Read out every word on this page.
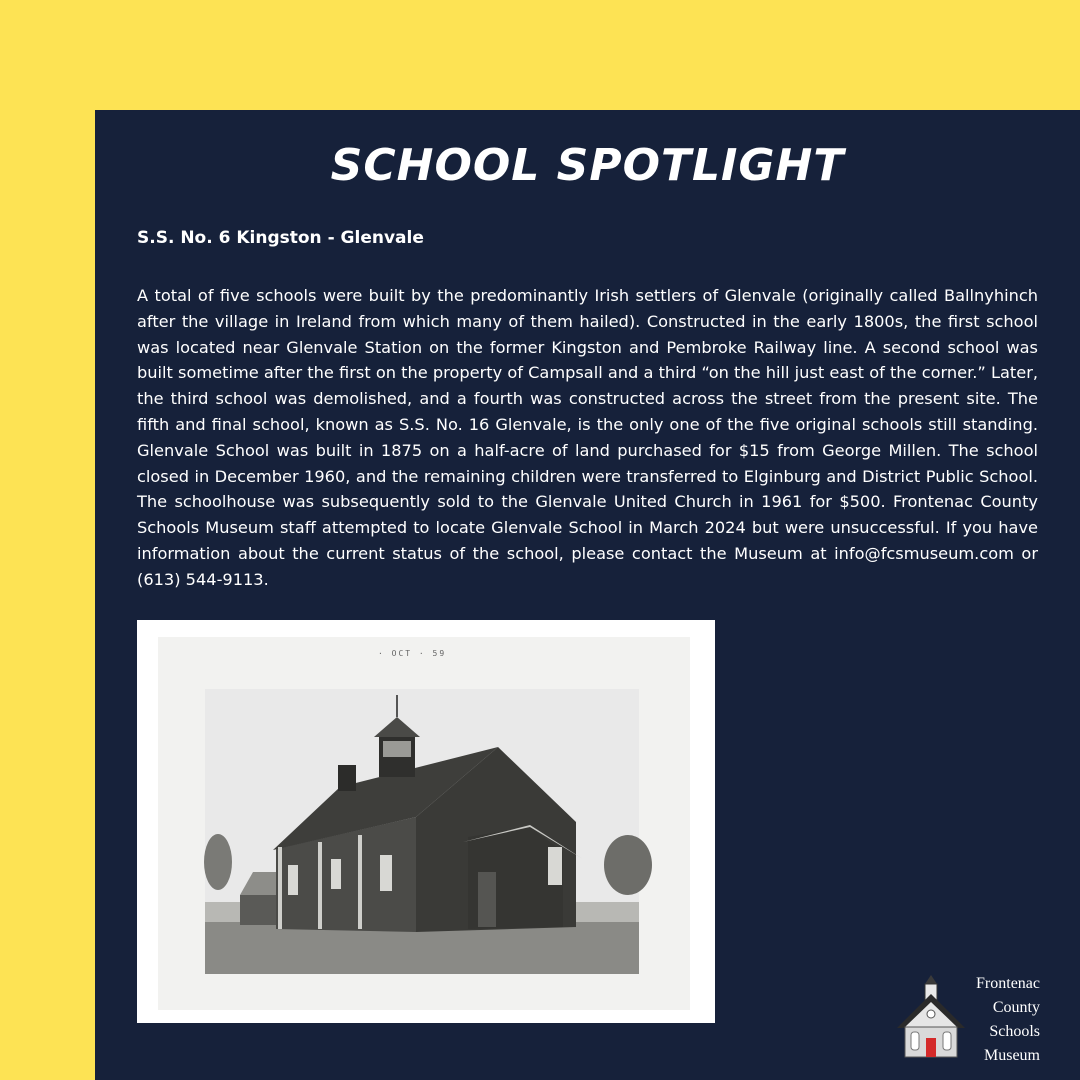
SCHOOL SPOTLIGHT
S.S. No. 6 Kingston - Glenvale
A total of five schools were built by the predominantly Irish settlers of Glenvale (originally called Ballnyhinch after the village in Ireland from which many of them hailed). Constructed in the early 1800s, the first school was located near Glenvale Station on the former Kingston and Pembroke Railway line. A second school was built sometime after the first on the property of Campsall and a third “on the hill just east of the corner.” Later, the third school was demolished, and a fourth was constructed across the street from the present site. The fifth and final school, known as S.S. No. 16 Glenvale, is the only one of the five original schools still standing. Glenvale School was built in 1875 on a half-acre of land purchased for $15 from George Millen. The school closed in December 1960, and the remaining children were transferred to Elginburg and District Public School. The schoolhouse was subsequently sold to the Glenvale United Church in 1961 for $500. Frontenac County Schools Museum staff attempted to locate Glenvale School in March 2024 but were unsuccessful. If you have information about the current status of the school, please contact the Museum at info@fcsmuseum.com or (613) 544-9113.
· OCT · 59
Frontenac
County
Schools
Museum
